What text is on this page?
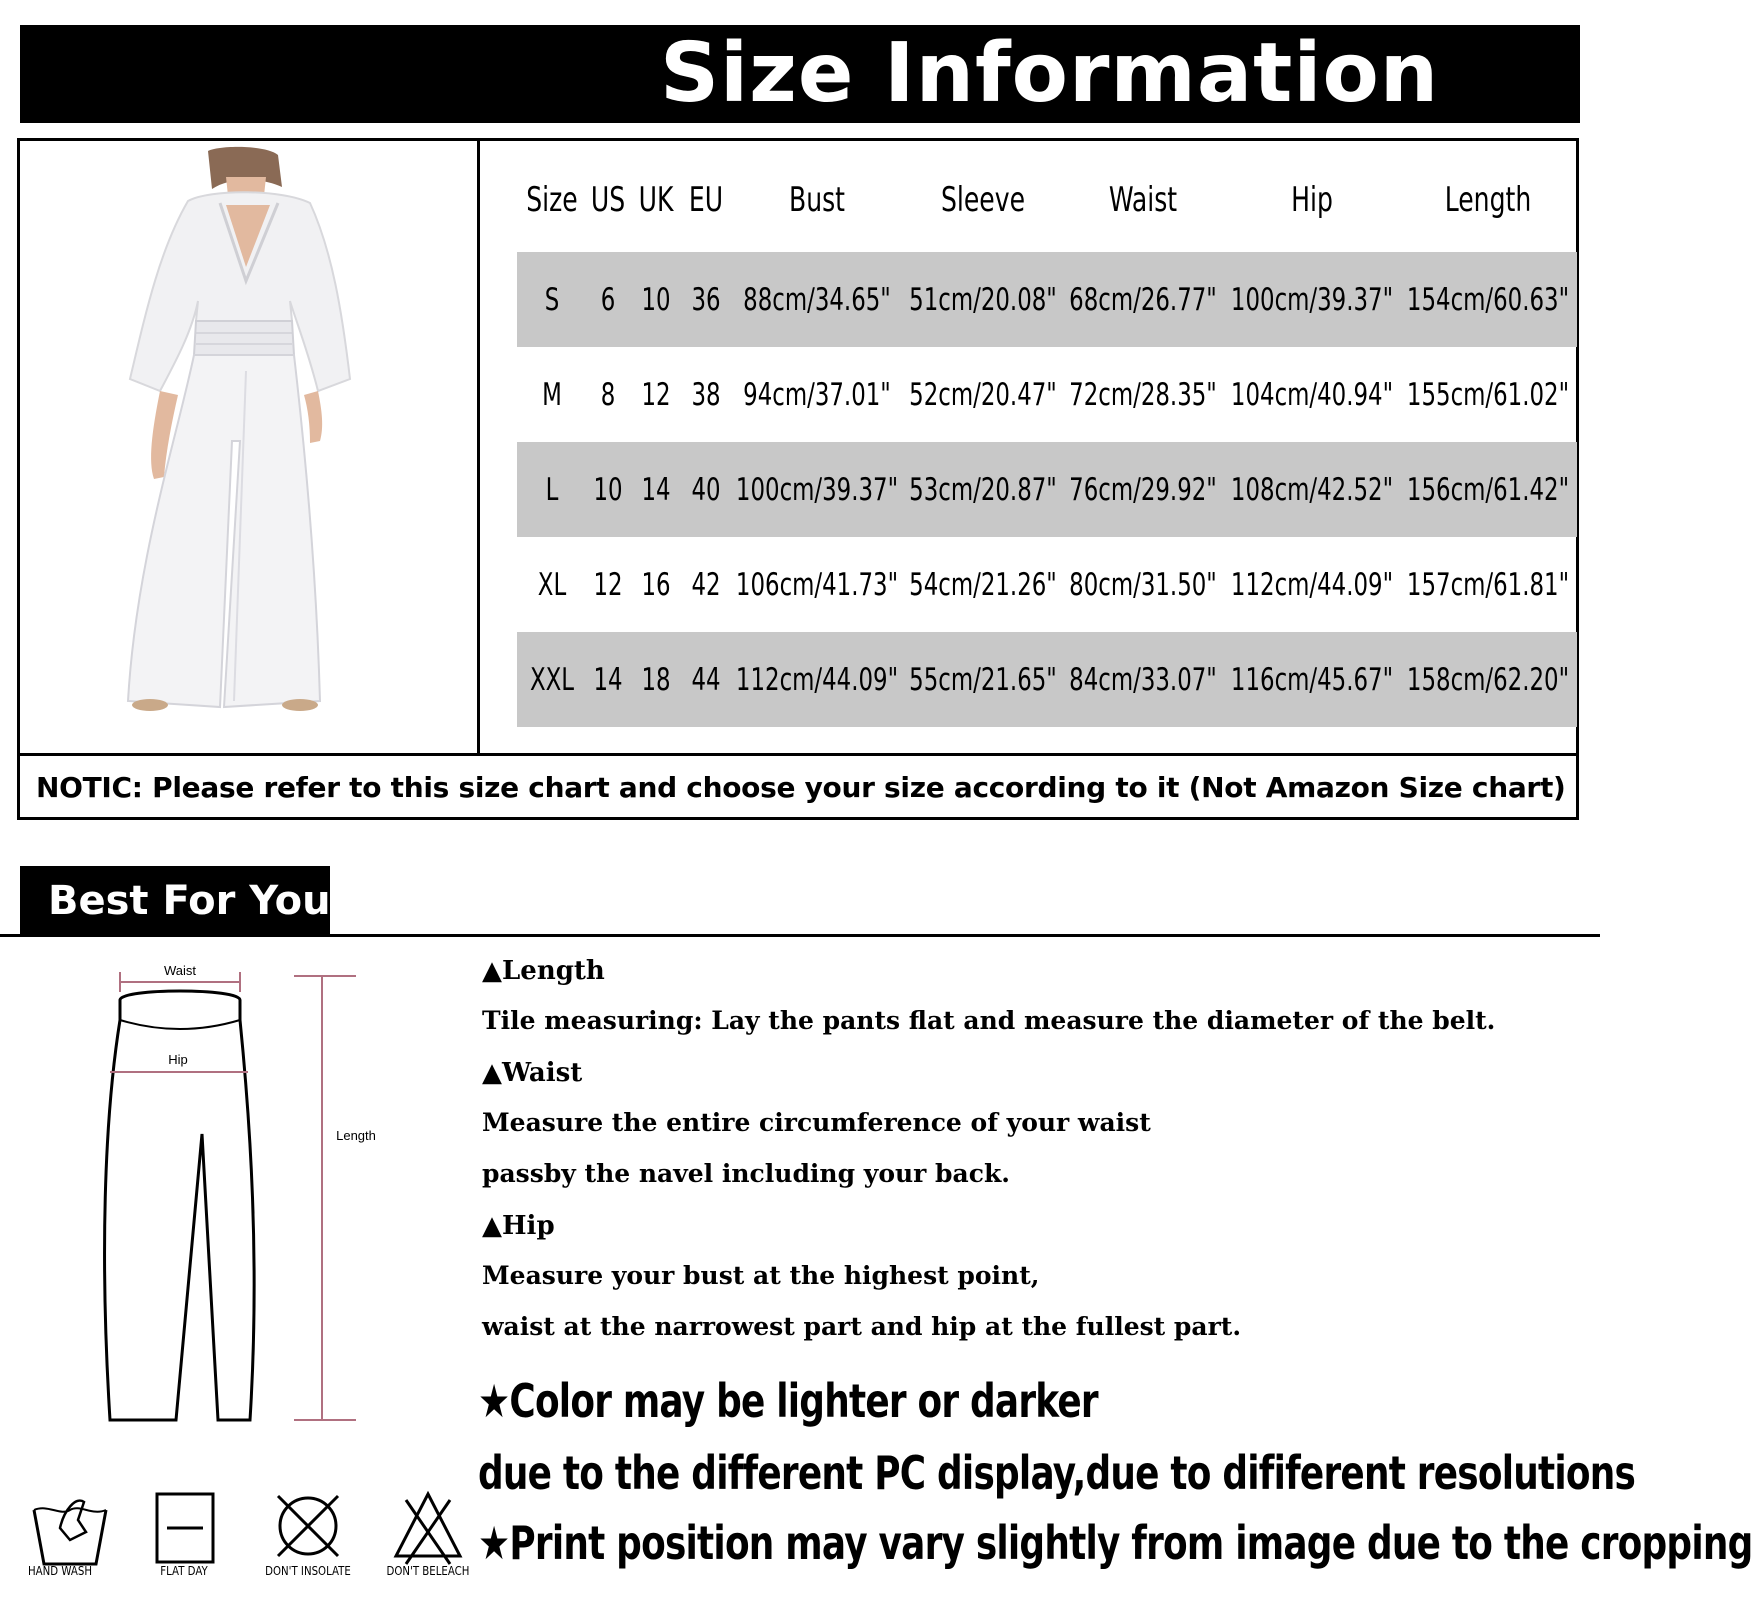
Size Information
Size US UK EU	Bust	Sleeve	Waist	Hip	Length
S	6 10 36 88cm/34.65" 51cm/20.08" 68cm/26.77" 100cm/39.37" 154cm/60.63"
M	8 12 38 94cm/37.01" 52cm/20.47" 72cm/28.35" 104cm/40.94" 155cm/61.02"
L	10 14 40 100cm/39.37" 53cm/20.87" 76cm/29.92" 108cm/42.52" 156cm/61.42"
XL 12 16 42 106cm/41.73" 54cm/21.26" 80cm/31.50" 112cm/44.09" 157cm/61.81"
XXL 14 18 44 112cm/44.09" 55cm/21.65" 84cm/33.07" 116cm/45.67" 158cm/62.20"
NOTIC: Please refer to this size chart and choose your size according to it (Not Amazon Size chart)
Best For You
Waist
Hip
Length
▲Length
Tile measuring: Lay the pants flat and measure the diameter of the belt.
▲Waist
Measure the entire circumference of your waist
passby the navel including your back.
▲Hip
Measure your bust at the highest point,
waist at the narrowest part and hip at the fullest part.
★Color may be lighter or darker
due to the different PC display,due to dififerent resolutions
★Print position may vary slightly from image due to the cropping
HAND WASH	FLAT DAY	DON'T INSOLATE	DON'T BELEACH
